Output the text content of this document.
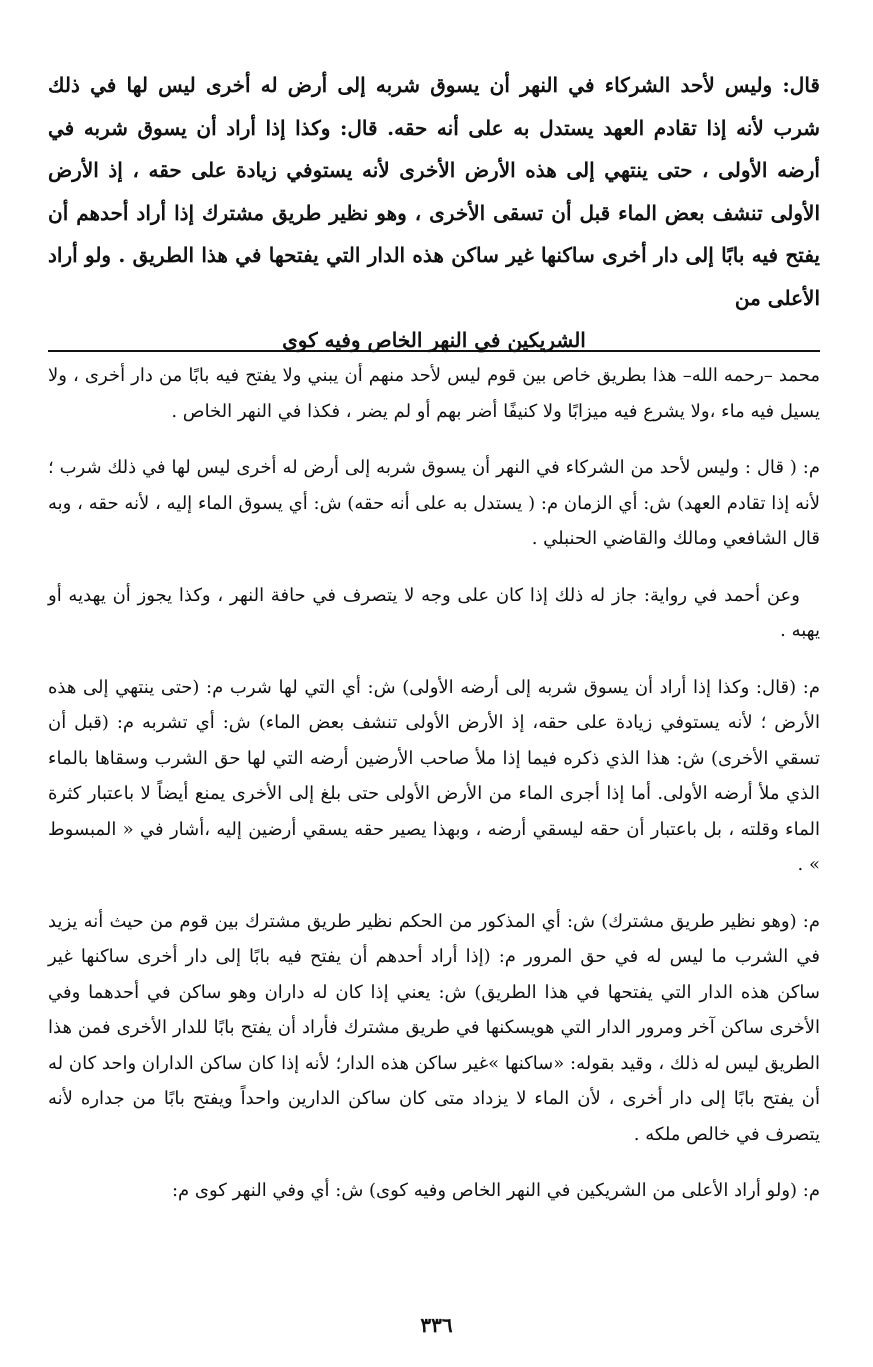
قال: وليس لأحد الشركاء في النهر أن يسوق شربه إلى أرض له أخرى ليس لها في ذلك شرب لأنه إذا تقادم العهد يستدل به على أنه حقه. قال: وكذا إذا أراد أن يسوق شربه في أرضه الأولى ، حتى ينتهي إلى هذه الأرض الأخرى لأنه يستوفي زيادة على حقه ، إذ الأرض الأولى تنشف بعض الماء قبل أن تسقى الأخرى ، وهو نظير طريق مشترك إذا أراد أحدهم أن يفتح فيه بابًا إلى دار أخرى ساكنها غير ساكن هذه الدار التي يفتحها في هذا الطريق . ولو أراد الأعلى من

الشريكين في النهر الخاص وفيه كوى

محمد –رحمه الله– هذا بطريق خاص بين قوم ليس لأحد منهم أن يبني ولا يفتح فيه بابًا من دار أخرى ، ولا يسيل فيه ماء ،ولا يشرع فيه ميزابًا ولا كنيفًا أضر بهم أو لم يضر ، فكذا في النهر الخاص .

م: ( قال : وليس لأحد من الشركاء في النهر أن يسوق شربه إلى أرض له أخرى ليس لها في ذلك شرب ؛ لأنه إذا تقادم العهد) ش: أي الزمان م: ( يستدل به على أنه حقه) ش: أي يسوق الماء إليه ، لأنه حقه ، وبه قال الشافعي ومالك والقاضي الحنبلي .

وعن أحمد في رواية: جاز له ذلك إذا كان على وجه لا يتصرف في حافة النهر ، وكذا يجوز أن يهديه أو يهبه .

م: (قال: وكذا إذا أراد أن يسوق شربه إلى أرضه الأولى) ش: أي التي لها شرب م: (حتى ينتهي إلى هذه الأرض ؛ لأنه يستوفي زيادة على حقه، إذ الأرض الأولى تنشف بعض الماء) ش: أي تشربه م: (قبل أن تسقي الأخرى) ش: هذا الذي ذكره فيما إذا ملأ صاحب الأرضين أرضه التي لها حق الشرب وسقاها بالماء الذي ملأ أرضه الأولى. أما إذا أجرى الماء من الأرض الأولى حتى بلغ إلى الأخرى يمنع أيضاً لا باعتبار كثرة الماء وقلته ، بل باعتبار أن حقه ليسقي أرضه ، وبهذا يصير حقه يسقي أرضين إليه ،أشار في « المبسوط » .

م: (وهو نظير طريق مشترك) ش: أي المذكور من الحكم نظير طريق مشترك بين قوم من حيث أنه يزيد في الشرب ما ليس له في حق المرور م: (إذا أراد أحدهم أن يفتح فيه بابًا إلى دار أخرى ساكنها غير ساكن هذه الدار التي يفتحها في هذا الطريق) ش: يعني إذا كان له داران وهو ساكن في أحدهما وفي الأخرى ساكن آخر ومرور الدار التي هويسكنها في طريق مشترك فأراد أن يفتح بابًا للدار الأخرى فمن هذا الطريق ليس له ذلك ، وقيد بقوله: «ساكنها »غير ساكن هذه الدار؛ لأنه إذا كان ساكن الداران واحد كان له أن يفتح بابًا إلى دار أخرى ، لأن الماء لا يزداد متى كان ساكن الدارين واحداً ويفتح بابًا من جداره لأنه يتصرف في خالص ملكه .

م: (ولو أراد الأعلى من الشريكين في النهر الخاص وفيه كوى) ش: أي وفي النهر كوى م:

٣٣٦
